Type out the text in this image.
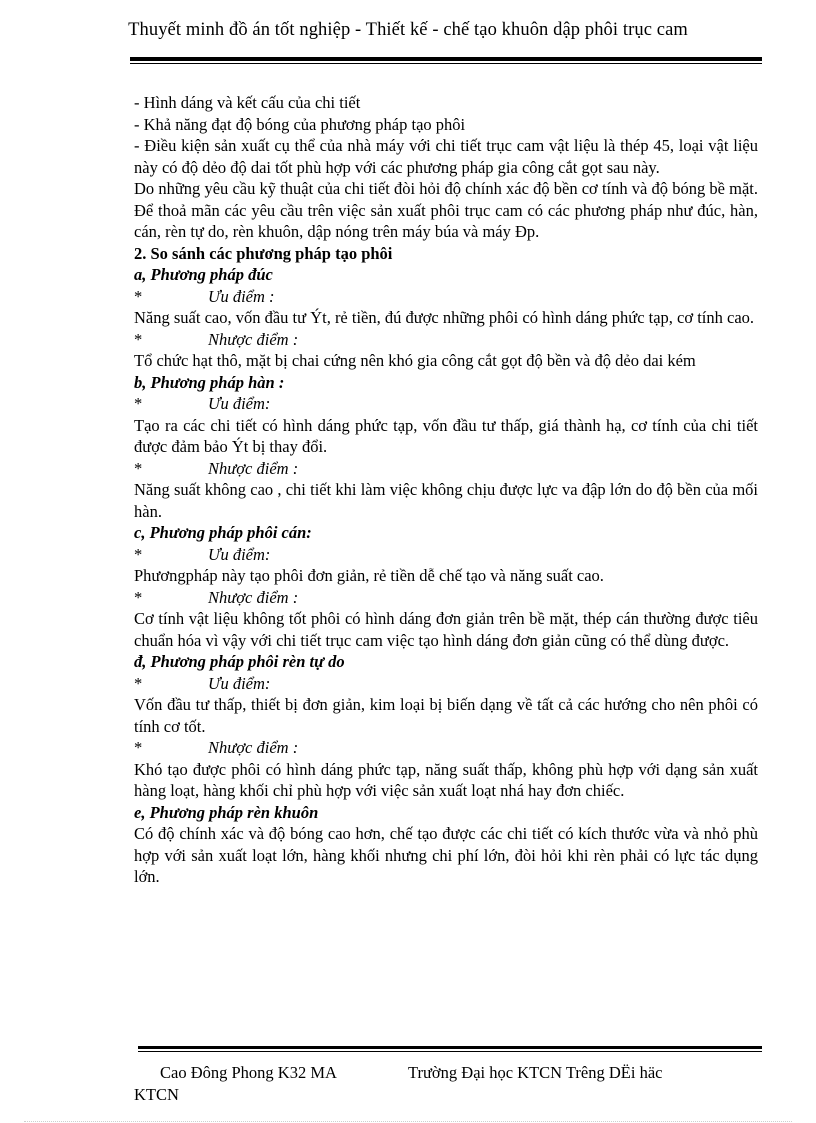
Thuyết minh đồ án tốt nghiệp - Thiết kế - chế tạo khuôn dập phôi trục cam

- Hình dáng và kết cấu của chi tiết

- Khả năng đạt độ bóng của phương pháp tạo phôi

- Điều kiện sản xuất cụ thể của nhà máy với chi tiết trục cam vật liệu là thép 45, loại vật liệu này có độ dẻo độ dai tốt phù hợp với các phương pháp gia công cắt gọt sau này.

Do những yêu cầu kỹ thuật của chi tiết đòi hỏi độ chính xác độ bền cơ tính và độ bóng bề mặt. Để thoả mãn các yêu cầu trên việc sản xuất phôi trục cam có các phương pháp như đúc, hàn, cán, rèn tự do, rèn khuôn, dập nóng trên máy búa và máy Đp.

2. So sánh các phương pháp tạo phôi

a, Phương pháp đúc

*	Ưu điểm :

Năng suất cao, vốn đầu tư Ýt, rẻ tiền, đú được những phôi có hình dáng phức tạp, cơ tính cao.

*	Nhược điểm :

Tổ chức hạt thô, mặt bị chai cứng nên khó gia công cắt gọt độ bền và độ dẻo dai kém

b, Phương pháp hàn :

*	Ưu điểm:

Tạo ra các chi tiết có hình dáng phức tạp, vốn đầu tư thấp, giá thành hạ, cơ tính của chi tiết được đảm bảo Ýt bị thay đổi.

*	Nhược điểm :

Năng suất không cao , chi tiết khi làm việc không chịu được lực va đập lớn do độ bền của mối hàn.

c, Phương pháp phôi cán:

*	Ưu điểm:

Phươngpháp này tạo phôi đơn giản, rẻ tiền dễ chế tạo và năng suất cao.

*	Nhược điểm :

Cơ tính vật liệu không tốt phôi có hình dáng đơn giản trên bề mặt, thép cán thường được tiêu chuẩn hóa vì vậy với chi tiết trục cam việc tạo hình dáng đơn giản cũng có thể dùng được.

đ, Phương pháp phôi rèn tự do

*	Ưu điểm:

Vốn đầu tư thấp, thiết bị đơn giản, kim loại bị biến dạng về tất cả các hướng cho nên phôi có tính cơ tốt.

*	Nhược điểm :

Khó tạo được phôi có hình dáng phức tạp, năng suất thấp, không phù hợp với dạng sản xuất hàng loạt, hàng khối chỉ phù hợp với việc sản xuất loạt nhá hay đơn chiếc.

e, Phương pháp rèn khuôn

Có độ chính xác và độ bóng cao hơn, chế tạo được các chi tiết có kích thước vừa và nhỏ phù hợp với sản xuất loạt lớn, hàng khối nhưng chi phí lớn, đòi hỏi khi rèn phải có lực tác dụng lớn.

Cao Đông Phong K32 MA	Trường Đại học KTCN Trêng DËi häc
KTCN
